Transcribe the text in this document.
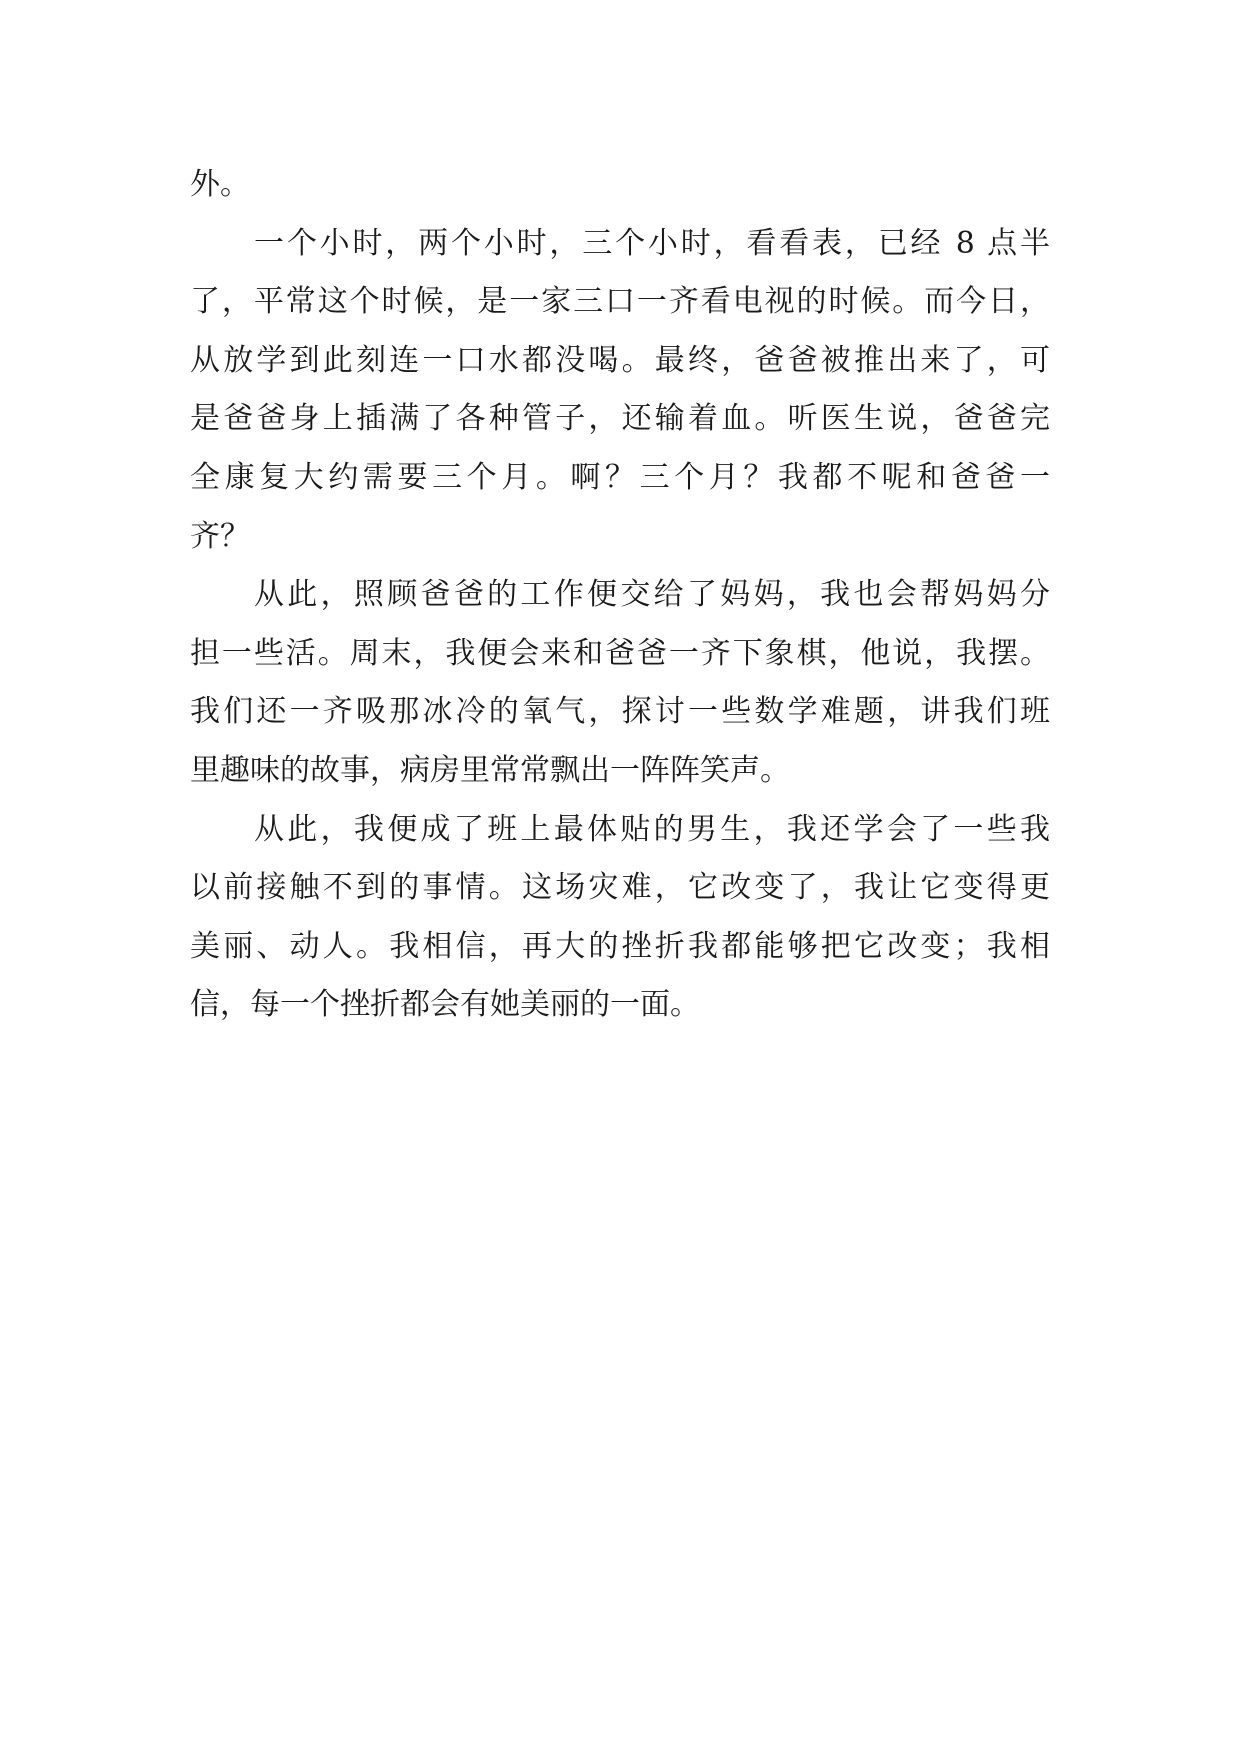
外。
一个小时，两个小时，三个小时，看看表，已经 8 点半
了，平常这个时候，是一家三口一齐看电视的时候。而今日，
从放学到此刻连一口水都没喝。最终，爸爸被推出来了，可
是爸爸身上插满了各种管子，还输着血。听医生说，爸爸完
全康复大约需要三个月。啊？三个月？我都不呢和爸爸一
齐？
从此，照顾爸爸的工作便交给了妈妈，我也会帮妈妈分
担一些活。周末，我便会来和爸爸一齐下象棋，他说，我摆。
我们还一齐吸那冰冷的氧气，探讨一些数学难题，讲我们班
里趣味的故事，病房里常常飘出一阵阵笑声。
从此，我便成了班上最体贴的男生，我还学会了一些我
以前接触不到的事情。这场灾难，它改变了，我让它变得更
美丽、动人。我相信，再大的挫折我都能够把它改变；我相
信，每一个挫折都会有她美丽的一面。
